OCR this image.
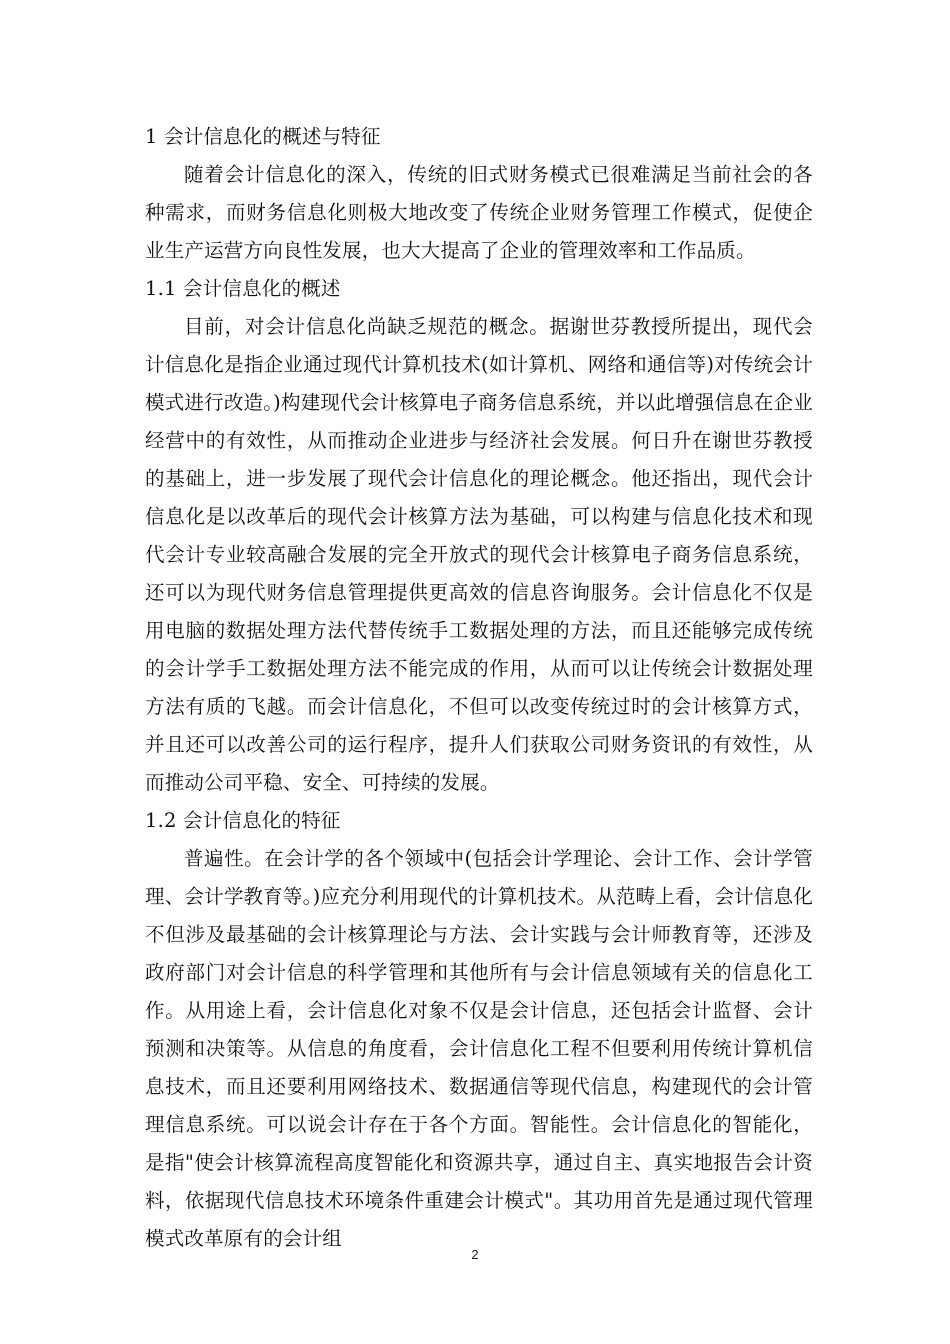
1 会计信息化的概述与特征

随着会计信息化的深入，传统的旧式财务模式已很难满足当前社会的各种需求，而财务信息化则极大地改变了传统企业财务管理工作模式，促使企业生产运营方向良性发展，也大大提高了企业的管理效率和工作品质。

1.1 会计信息化的概述

目前，对会计信息化尚缺乏规范的概念。据谢世芬教授所提出，现代会计信息化是指企业通过现代计算机技术(如计算机、网络和通信等)对传统会计模式进行改造。)构建现代会计核算电子商务信息系统，并以此增强信息在企业经营中的有效性，从而推动企业进步与经济社会发展。何日升在谢世芬教授的基础上，进一步发展了现代会计信息化的理论概念。他还指出，现代会计信息化是以改革后的现代会计核算方法为基础，可以构建与信息化技术和现代会计专业较高融合发展的完全开放式的现代会计核算电子商务信息系统，还可以为现代财务信息管理提供更高效的信息咨询服务。会计信息化不仅是用电脑的数据处理方法代替传统手工数据处理的方法，而且还能够完成传统的会计学手工数据处理方法不能完成的作用，从而可以让传统会计数据处理方法有质的飞越。而会计信息化，不但可以改变传统过时的会计核算方式，并且还可以改善公司的运行程序，提升人们获取公司财务资讯的有效性，从而推动公司平稳、安全、可持续的发展。

1.2 会计信息化的特征

普遍性。在会计学的各个领域中(包括会计学理论、会计工作、会计学管理、会计学教育等。)应充分利用现代的计算机技术。从范畴上看，会计信息化不但涉及最基础的会计核算理论与方法、会计实践与会计师教育等，还涉及政府部门对会计信息的科学管理和其他所有与会计信息领域有关的信息化工作。从用途上看，会计信息化对象不仅是会计信息，还包括会计监督、会计预测和决策等。从信息的角度看，会计信息化工程不但要利用传统计算机信息技术，而且还要利用网络技术、数据通信等现代信息，构建现代的会计管理信息系统。可以说会计存在于各个方面。智能性。会计信息化的智能化，是指"使会计核算流程高度智能化和资源共享，通过自主、真实地报告会计资料，依据现代信息技术环境条件重建会计模式"。其功用首先是通过现代管理模式改革原有的会计组

2
